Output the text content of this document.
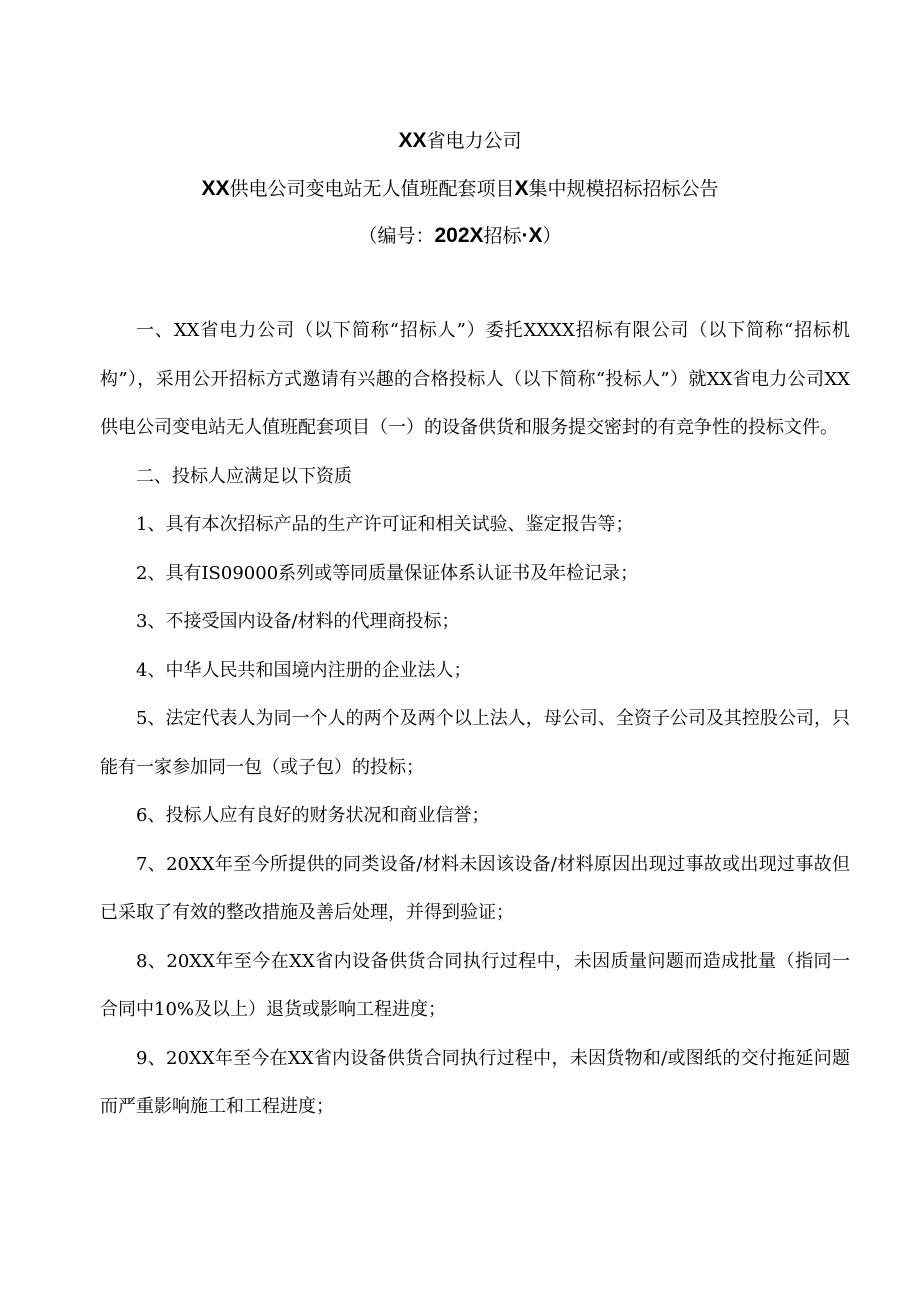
XX省电力公司
XX供电公司变电站无人值班配套项目X集中规模招标招标公告
（编号：202X招标·X）

一、XX省电力公司（以下简称“招标人”）委托XXXX招标有限公司（以下简称“招标机构”），采用公开招标方式邀请有兴趣的合格投标人（以下简称“投标人”）就XX省电力公司XX供电公司变电站无人值班配套项目（一）的设备供货和服务提交密封的有竞争性的投标文件。

二、投标人应满足以下资质

1、具有本次招标产品的生产许可证和相关试验、鉴定报告等；

2、具有IS09000系列或等同质量保证体系认证书及年检记录；

3、不接受国内设备/材料的代理商投标；

4、中华人民共和国境内注册的企业法人；

5、法定代表人为同一个人的两个及两个以上法人，母公司、全资子公司及其控股公司，只能有一家参加同一包（或子包）的投标；

6、投标人应有良好的财务状况和商业信誉；

7、20XX年至今所提供的同类设备/材料未因该设备/材料原因出现过事故或出现过事故但已采取了有效的整改措施及善后处理，并得到验证；

8、20XX年至今在XX省内设备供货合同执行过程中，未因质量问题而造成批量（指同一合同中10%及以上）退货或影响工程进度；

9、20XX年至今在XX省内设备供货合同执行过程中，未因货物和/或图纸的交付拖延问题而严重影响施工和工程进度；
